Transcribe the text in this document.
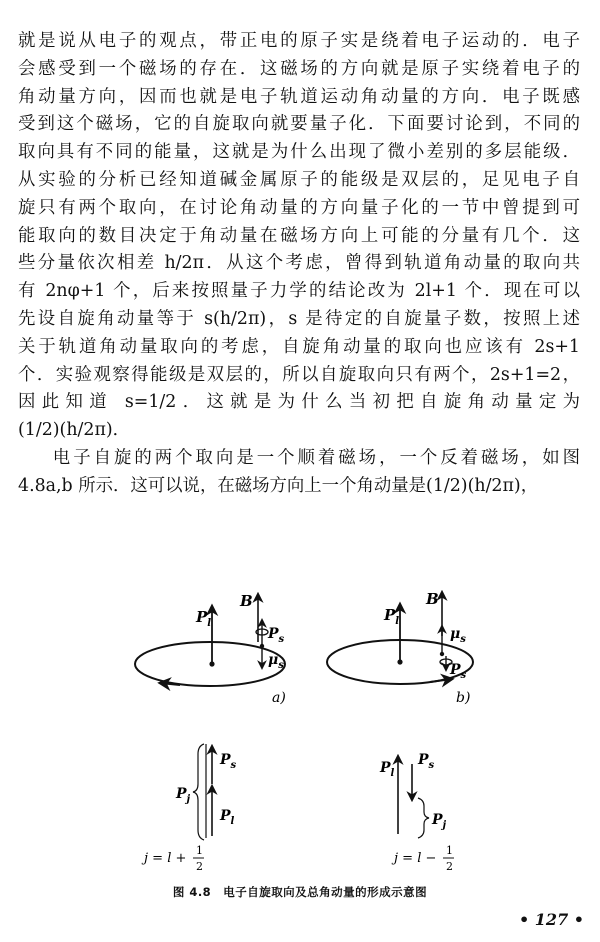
就是说从电子的观点，带正电的原子实是绕着电子运动的．电子
会感受到一个磁场的存在．这磁场的方向就是原子实绕着电子的
角动量方向，因而也就是电子轨道运动角动量的方向．电子既感
受到这个磁场，它的自旋取向就要量子化．下面要讨论到，不同的
取向具有不同的能量，这就是为什么出现了微小差别的多层能级．
从实验的分析已经知道碱金属原子的能级是双层的，足见电子自
旋只有两个取向，在讨论角动量的方向量子化的一节中曾提到可
能取向的数目决定于角动量在磁场方向上可能的分量有几个．这
些分量依次相差 h/2π．从这个考虑，曾得到轨道角动量的取向共
有 2nφ+1 个，后来按照量子力学的结论改为 2l+1 个．现在可以
先设自旋角动量等于 s(h/2π)，s 是待定的自旋量子数，按照上述
关于轨道角动量取向的考虑，自旋角动量的取向也应该有 2s+1
个．实验观察得能级是双层的，所以自旋取向只有两个，2s+1=2，
因此知道 s=1/2．这就是为什么当初把自旋角动量定为
(1/2)(h/2π)．
电子自旋的两个取向是一个顺着磁场，一个反着磁场，如图
4.8a,b 所示．这可以说，在磁场方向上一个角动量是(1/2)(h/2π)，
$P_l$
B
$P_s$
$\mu_s$
a)
$P_l$
B
$\mu_s$
$P_s$
b)
$P_s$
$P_j$
$P_l$
j = l +
1
2
$P_l$
$P_s$
$P_j$
j = l −
1
2
图 4.8　电子自旋取向及总角动量的形成示意图
• 127 •
